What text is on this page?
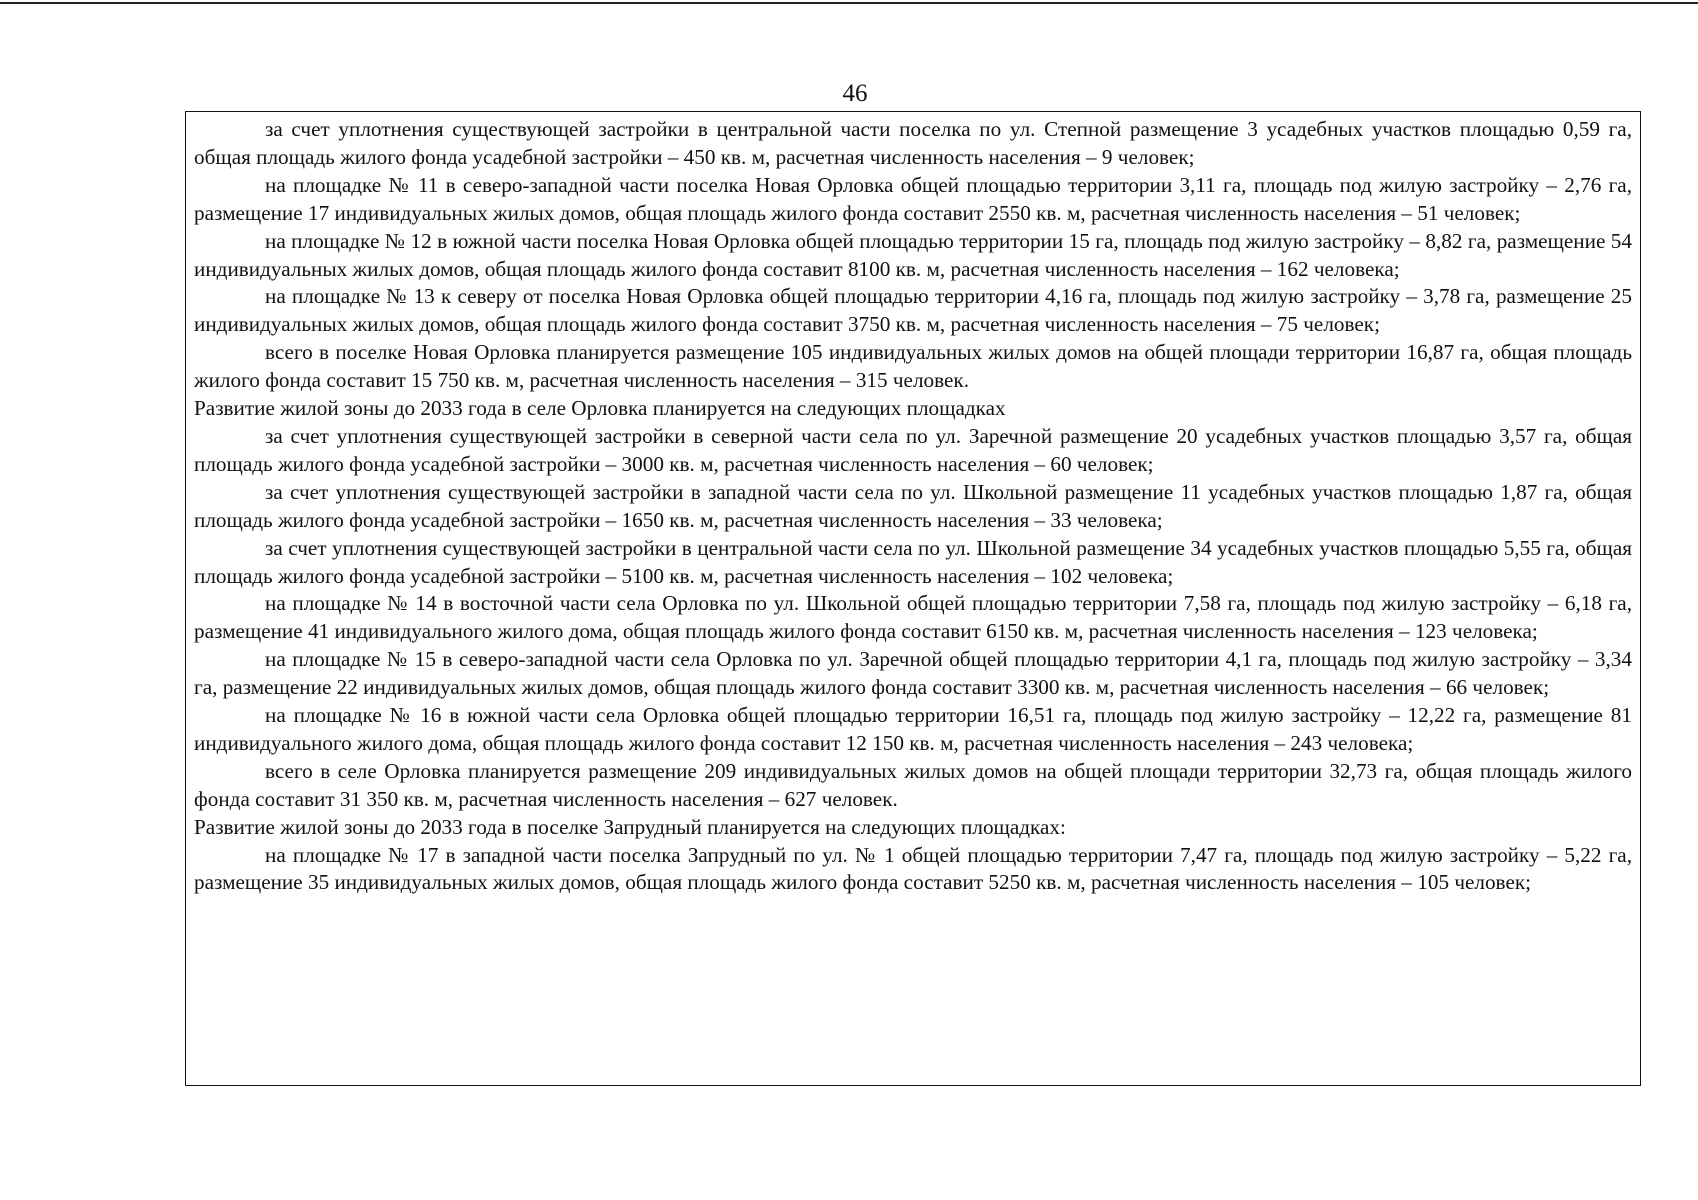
46

за счет уплотнения существующей застройки в центральной части поселка по ул. Степной размещение 3 усадебных участков площадью 0,59 га, общая площадь жилого фонда усадебной застройки – 450 кв. м, расчетная численность населения – 9 человек;

на площадке № 11 в северо-западной части поселка Новая Орловка общей площадью территории 3,11 га, площадь под жилую застройку – 2,76 га, размещение 17 индивидуальных жилых домов, общая площадь жилого фонда составит 2550 кв. м, расчетная численность населения – 51 человек;

на площадке № 12 в южной части поселка Новая Орловка общей площадью территории 15 га, площадь под жилую застройку – 8,82 га, размещение 54 индивидуальных жилых домов, общая площадь жилого фонда составит 8100 кв. м, расчетная численность населения – 162 человека;

на площадке № 13 к северу от поселка Новая Орловка общей площадью территории 4,16 га, площадь под жилую застройку – 3,78 га, размещение 25 индивидуальных жилых домов, общая площадь жилого фонда составит 3750 кв. м, расчетная численность населения – 75 человек;

всего в поселке Новая Орловка планируется размещение 105 индивидуальных жилых домов на общей площади территории 16,87 га, общая площадь жилого фонда составит 15 750 кв. м, расчетная численность населения – 315 человек.

Развитие жилой зоны до 2033 года в селе Орловка планируется на следующих площадках

за счет уплотнения существующей застройки в северной части села по ул. Заречной размещение 20 усадебных участков площадью 3,57 га, общая площадь жилого фонда усадебной застройки – 3000 кв. м, расчетная численность населения – 60 человек;

за счет уплотнения существующей застройки в западной части села по ул. Школьной размещение 11 усадебных участков площадью 1,87 га, общая площадь жилого фонда усадебной застройки – 1650 кв. м, расчетная численность населения – 33 человека;

за счет уплотнения существующей застройки в центральной части села по ул. Школьной размещение 34 усадебных участков площадью 5,55 га, общая площадь жилого фонда усадебной застройки – 5100 кв. м, расчетная численность населения – 102 человека;

на площадке № 14 в восточной части села Орловка по ул. Школьной общей площадью территории 7,58 га, площадь под жилую застройку – 6,18 га, размещение 41 индивидуального жилого дома, общая площадь жилого фонда составит 6150 кв. м, расчетная численность населения – 123 человека;

на площадке № 15 в северо-западной части села Орловка по ул. Заречной общей площадью территории 4,1 га, площадь под жилую застройку – 3,34 га, размещение 22 индивидуальных жилых домов, общая площадь жилого фонда составит 3300 кв. м, расчетная численность населения – 66 человек;

на площадке № 16 в южной части села Орловка общей площадью территории 16,51 га, площадь под жилую застройку – 12,22 га, размещение 81 индивидуального жилого дома, общая площадь жилого фонда составит 12 150 кв. м, расчетная численность населения – 243 человека;

всего в селе Орловка планируется размещение 209 индивидуальных жилых домов на общей площади территории 32,73 га, общая площадь жилого фонда составит 31 350 кв. м, расчетная численность населения – 627 человек.

Развитие жилой зоны до 2033 года в поселке Запрудный планируется на следующих площадках:

на площадке № 17 в западной части поселка Запрудный по ул. № 1 общей площадью территории 7,47 га, площадь под жилую застройку – 5,22 га, размещение 35 индивидуальных жилых домов, общая площадь жилого фонда составит 5250 кв. м, расчетная численность населения – 105 человек;
